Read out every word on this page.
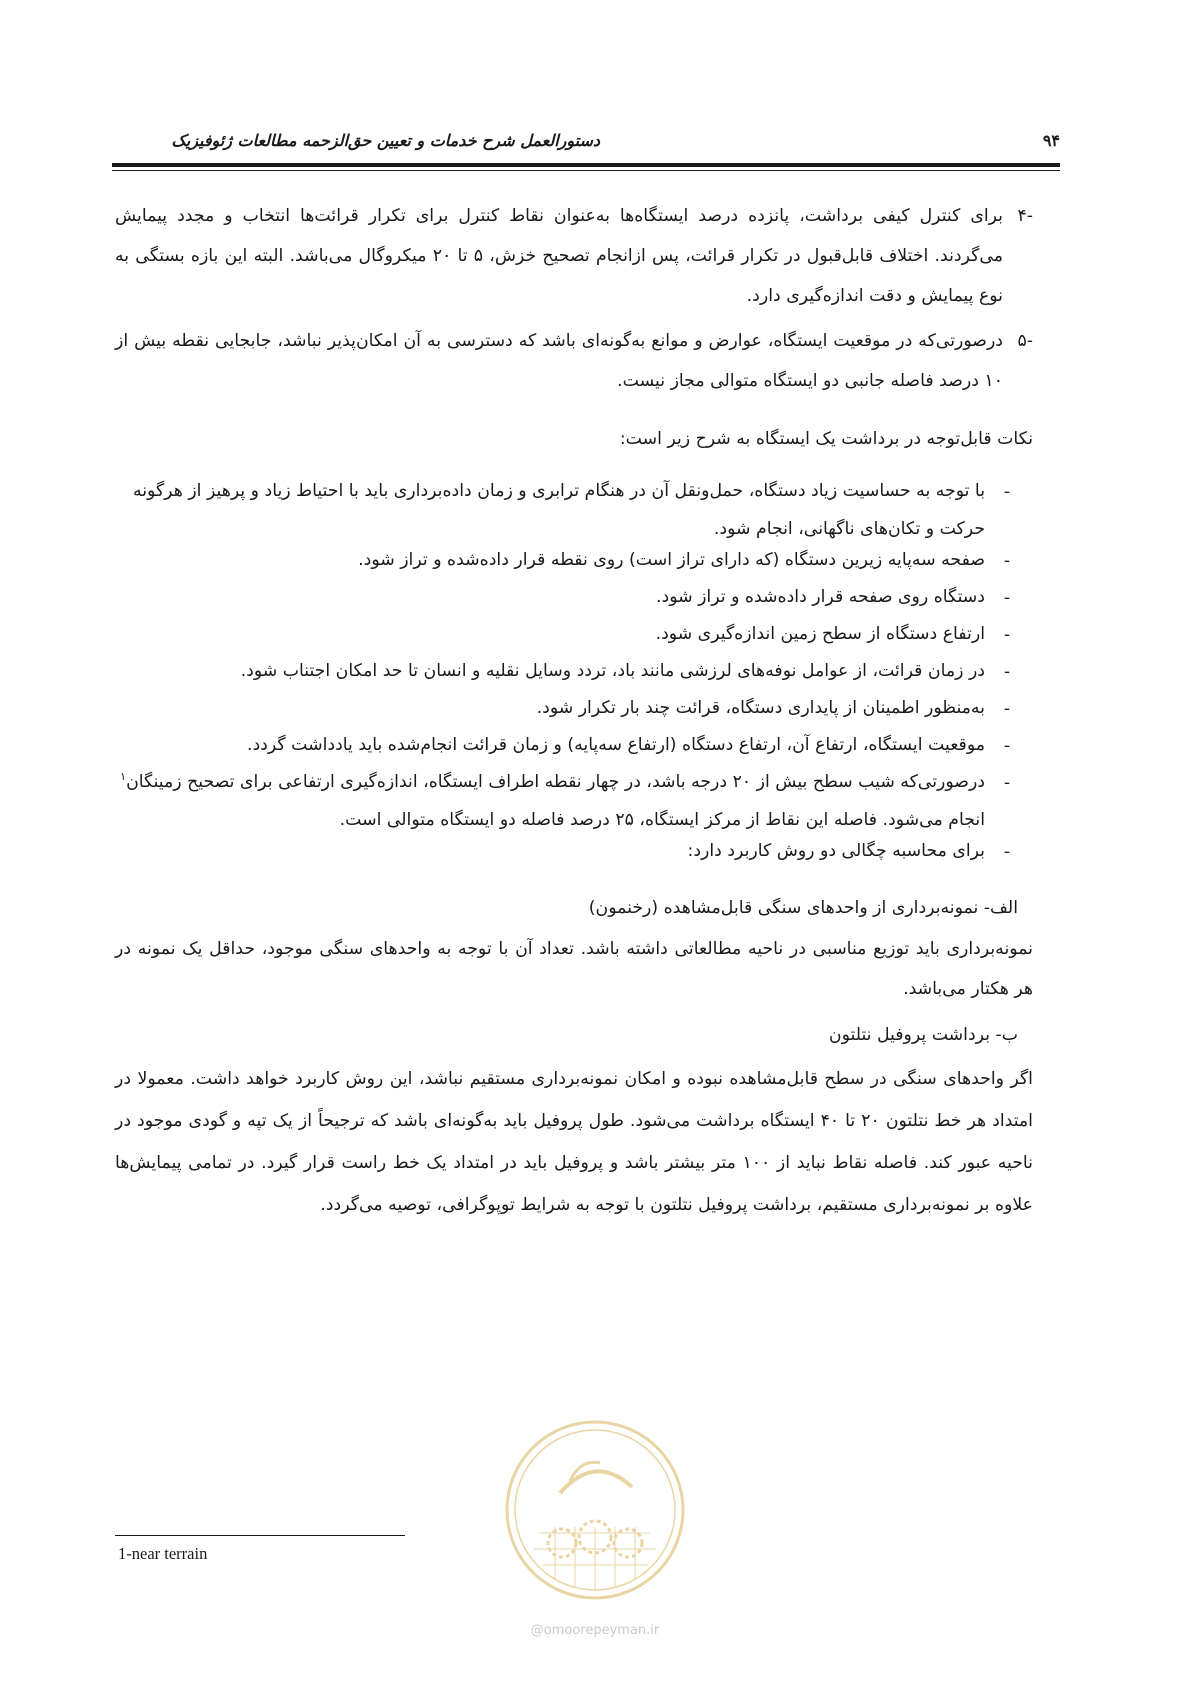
دستورالعمل شرح خدمات و تعیین حق‌الزحمه مطالعات ژئوفیزیک	۹۴
برای کنترل کیفی برداشت، پانزده درصد ایستگاه‌ها به‌عنوان نقاط کنترل برای تکرار قرائت‌ها انتخاب و مجدد پیمایش می‌گردند. اختلاف قابل‌قبول در تکرار قرائت، پس ازانجام تصحیح خزش، ۵ تا ۲۰ میکروگال می‌باشد. البته این بازه بستگی به نوع پیمایش و دقت اندازه‌گیری دارد.
-۴
درصورتی‌که در موقعیت ایستگاه، عوارض و موانع به‌گونه‌ای باشد که دسترسی به آن امکان‌پذیر نباشد، جابجایی نقطه بیش از ۱۰ درصد فاصله جانبی دو ایستگاه متوالی مجاز نیست.
-۵
نکات قابل‌توجه در برداشت یک ایستگاه به شرح زیر است:
-
با توجه به حساسیت زیاد دستگاه، حمل‌ونقل آن در هنگام ترابری و زمان داده‌برداری باید با احتیاط زیاد و پرهیز از هرگونه حرکت و تکان‌های ناگهانی، انجام شود.
-
صفحه سه‌پایه زیرین دستگاه (که دارای تراز است) روی نقطه قرار داده‌شده و تراز شود.
-
دستگاه روی صفحه قرار داده‌شده و تراز شود.
-
ارتفاع دستگاه از سطح زمین اندازه‌گیری شود.
-
در زمان قرائت، از عوامل نوفه‌های لرزشی مانند باد، تردد وسایل نقلیه و انسان تا حد امکان اجتناب شود.
-
به‌منظور اطمینان از پایداری دستگاه، قرائت چند بار تکرار شود.
-
موقعیت ایستگاه، ارتفاع آن، ارتفاع دستگاه (ارتفاع سه‌پایه) و زمان قرائت انجام‌شده باید یادداشت گردد.
-
درصورتی‌که شیب سطح بیش از ۲۰ درجه باشد، در چهار نقطه اطراف ایستگاه، اندازه‌گیری ارتفاعی برای تصحیح زمینگان$^۱$ انجام می‌شود. فاصله این نقاط از مرکز ایستگاه، ۲۵ درصد فاصله دو ایستگاه متوالی است.
-
برای محاسبه چگالی دو روش کاربرد دارد:
الف- نمونه‌برداری از واحدهای سنگی قابل‌مشاهده (رخنمون)
نمونه‌برداری باید توزیع مناسبی در ناحیه مطالعاتی داشته باشد. تعداد آن با توجه به واحدهای سنگی موجود، حداقل یک نمونه در هر هکتار می‌باشد.
ب- برداشت پروفیل نتلتون
اگر واحدهای سنگی در سطح قابل‌مشاهده نبوده و امکان نمونه‌برداری مستقیم نباشد، این روش کاربرد خواهد داشت. معمولا در امتداد هر خط نتلتون ۲۰ تا ۴۰ ایستگاه برداشت می‌شود. طول پروفیل باید به‌گونه‌ای باشد که ترجیحاً از یک تپه و گودی موجود در ناحیه عبور کند. فاصله نقاط نباید از ۱۰۰ متر بیشتر باشد و پروفیل باید در امتداد یک خط راست قرار گیرد. در تمامی پیمایش‌ها علاوه بر نمونه‌برداری مستقیم، برداشت پروفیل نتلتون با توجه به شرایط توپوگرافی، توصیه می‌گردد.
1-near terrain
@omoorepeyman.ir
